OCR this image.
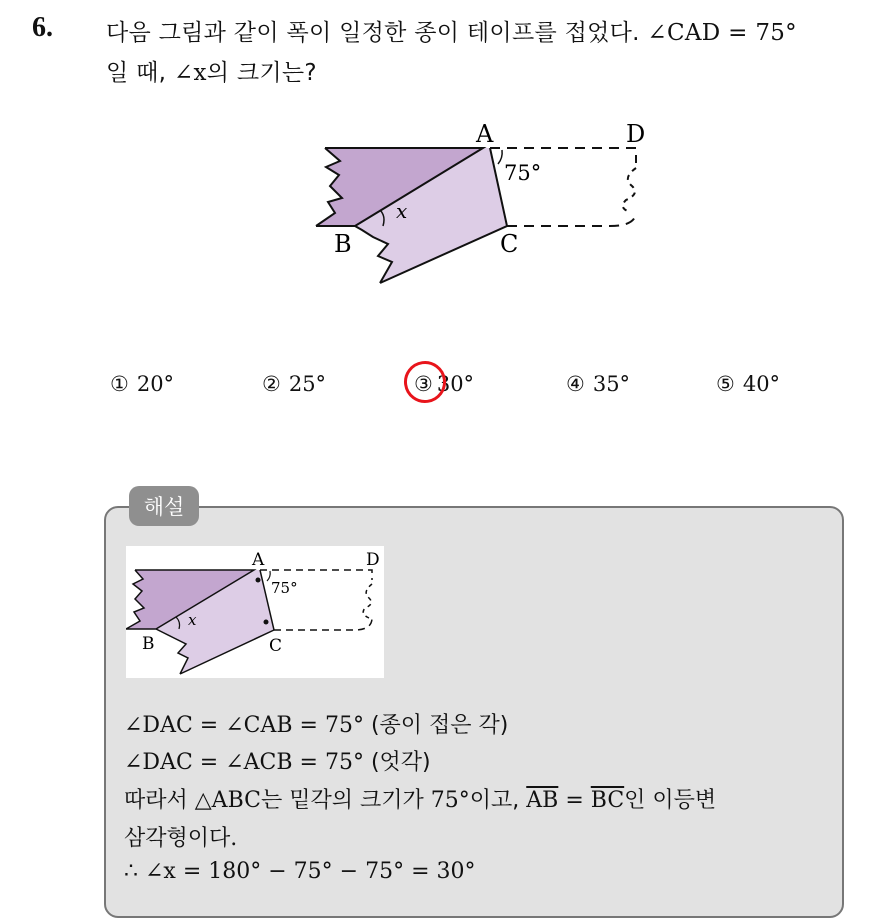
6. 다음 그림과 같이 폭이 일정한 종이 테이프를 접었다. ∠CAD = 75°
일 때, ∠x의 크기는?
A	D
B	C
75°
x
① 20°	② 25°	③ 30°	④ 35°	⑤ 40°
해설
A	D
B	C
75°
x
∠DAC = ∠CAB = 75° (종이 접은 각)
∠DAC = ∠ACB = 75° (엇각)
따라서 △ABC는 밑각의 크기가 75°이고, $\overline{AB} = \overline{BC}$인 이등변
삼각형이다.
∴ ∠x = 180° − 75° − 75° = 30°
